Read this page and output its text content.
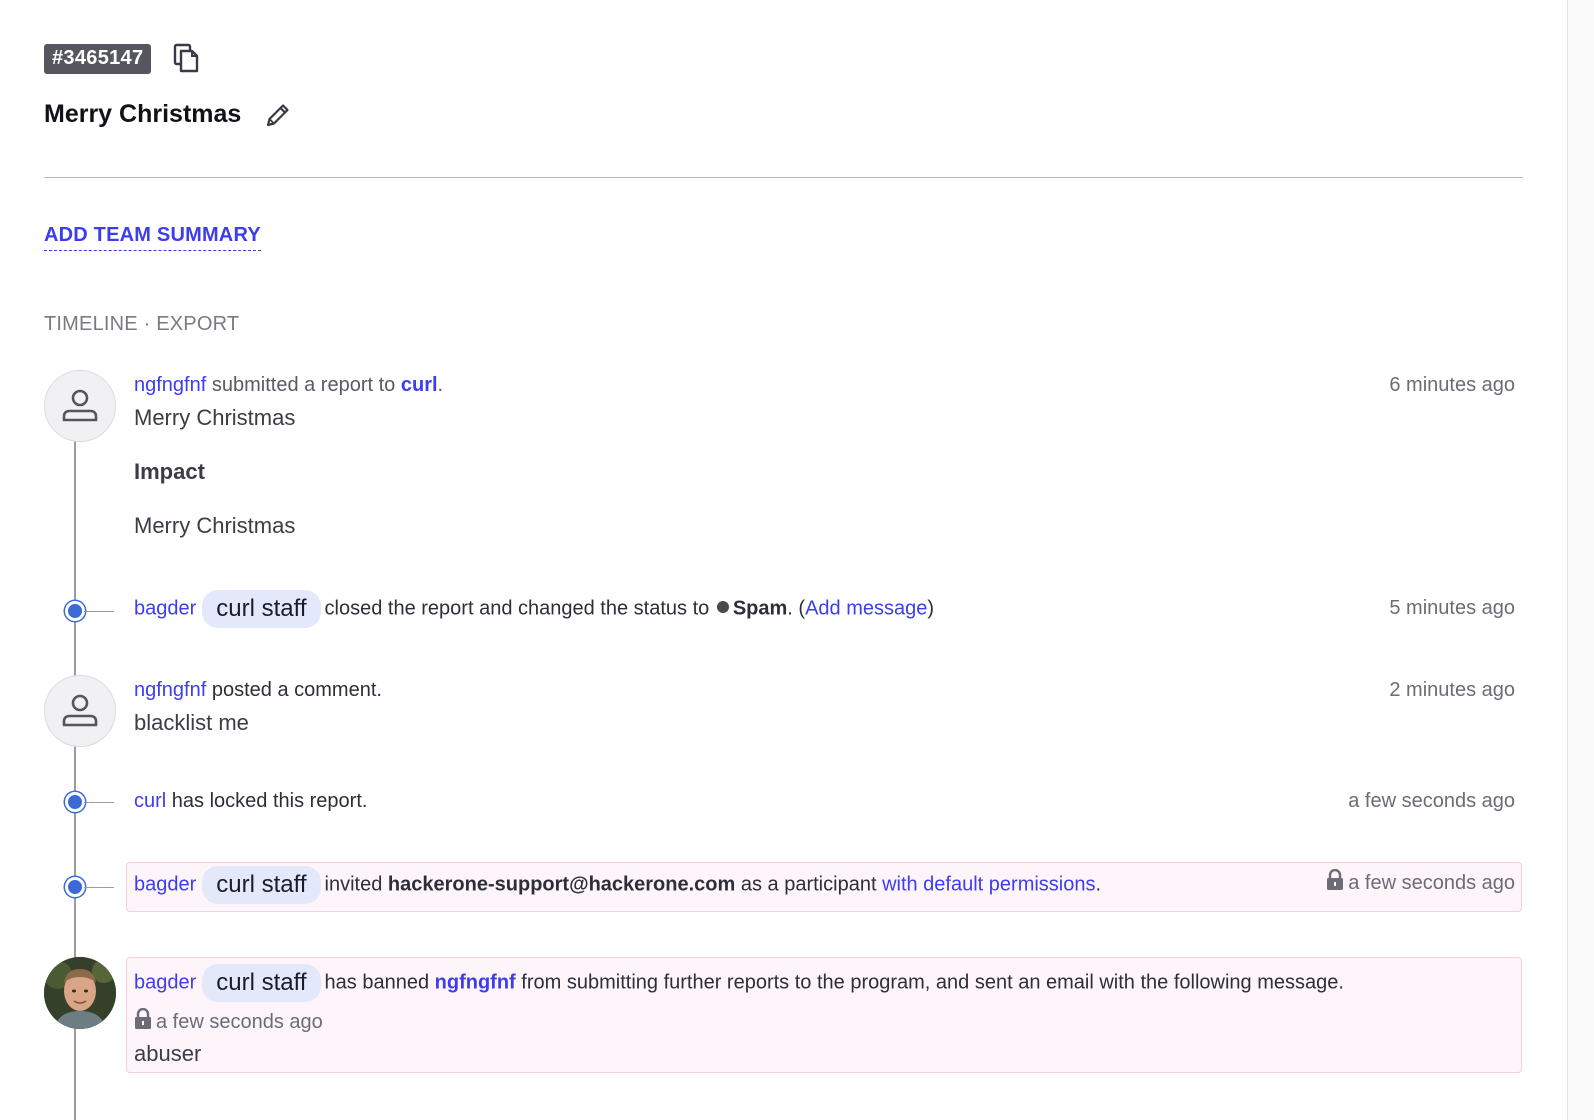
#3465147
Merry Christmas
ADD TEAM SUMMARY
TIMELINE · EXPORT
ngfngfnf submitted a report to curl.	6 minutes ago
Merry Christmas
Impact
Merry Christmas
bagder curl staff closed the report and changed the status to Spam. (Add message)	5 minutes ago
ngfngfnf posted a comment.	2 minutes ago
blacklist me
curl has locked this report.	a few seconds ago
bagder curl staff invited hackerone-support@hackerone.com as a participant with default permissions.	a few seconds ago
bagder curl staff has banned ngfngfnf from submitting further reports to the program, and sent an email with the following message.
a few seconds ago
abuser
